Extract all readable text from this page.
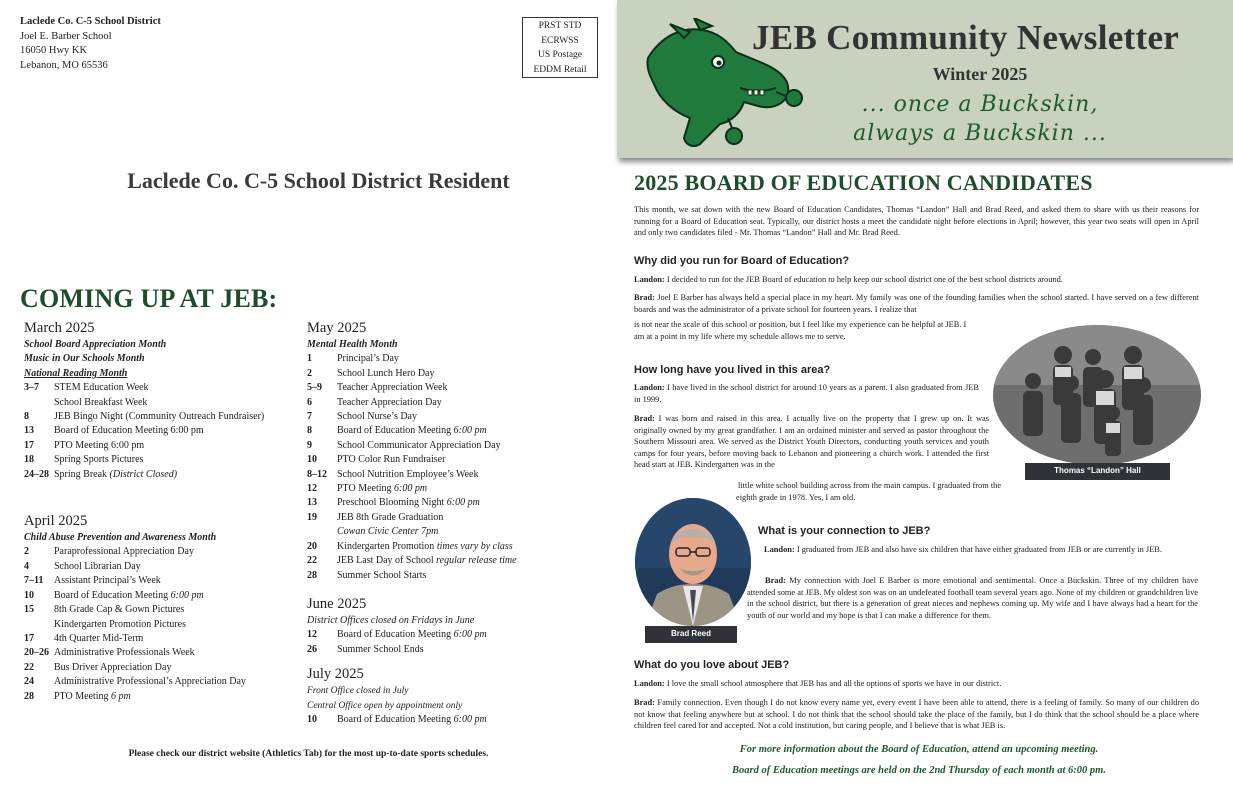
Laclede Co. C-5 School District
Joel E. Barber School
16050 Hwy KK
Lebanon, MO 65536
PRST STD
ECRWSS
US Postage
EDDM Retail
Laclede Co. C-5 School District Resident
COMING UP AT JEB:
March 2025
School Board Appreciation Month
Music in Our Schools Month
National Reading Month
3–7	STEM Education Week
School Breakfast Week
8	JEB Bingo Night (Community Outreach Fundraiser)
13	Board of Education Meeting 6:00 pm
17	PTO Meeting 6:00 pm
18	Spring Sports Pictures
24–28 Spring Break (District Closed)
April 2025
Child Abuse Prevention and Awareness Month
2	Paraprofessional Appreciation Day
4	School Librarian Day
7–11	Assistant Principal’s Week
10	Board of Education Meeting 6:00 pm
15	8th Grade Cap & Gown Pictures
Kindergarten Promotion Pictures
17	4th Quarter Mid-Term
20–26 Administrative Professionals Week
22	Bus Driver Appreciation Day
24	Administrative Professional’s Appreciation Day
28	PTO Meeting 6 pm
May 2025
Mental Health Month
1	Principal’s Day
2	School Lunch Hero Day
5–9	Teacher Appreciation Week
6	Teacher Appreciation Day
7	School Nurse’s Day
8	Board of Education Meeting 6:00 pm
9	School Communicator Appreciation Day
10	PTO Color Run Fundraiser
8–12	School Nutrition Employee’s Week
12	PTO Meeting 6:00 pm
13	Preschool Blooming Night 6:00 pm
19	JEB 8th Grade Graduation
Cowan Civic Center 7pm
20	Kindergarten Promotion times vary by class
22	JEB Last Day of School regular release time
28	Summer School Starts
June 2025
District Offices closed on Fridays in June
12	Board of Education Meeting 6:00 pm
26	Summer School Ends
July 2025
Front Office closed in July
Central Office open by appointment only
10	Board of Education Meeting 6:00 pm
Please check our district website (Athletics Tab) for the most up-to-date sports schedules.
JEB Community Newsletter
Winter 2025
... once a Buckskin,
always a Buckskin ...
2025 BOARD OF EDUCATION CANDIDATES
This month, we sat down with the new Board of Education Candidates, Thomas “Landon” Hall and Brad Reed, and asked them to share with us their reasons for running for a Board of Education seat. Typically, our district hosts a meet the candidate night before elections in April; however, this year two seats will open in April and only two candidates filed - Mr. Thomas “Landon” Hall and Mr. Brad Reed.
Why did you run for Board of Education?
Landon: I decided to run for the JEB Board of education to help keep our school district one of the best school districts around.
Brad: Joel E Barber has always held a special place in my heart. My family was one of the founding families when the school started. I have served on a few different boards and was the administrator of a private school for fourteen years. I realize that
is not near the scale of this school or position, but I feel like my experience can be helpful at JEB. I
am at a point in my life where my schedule allows me to serve.
Thomas “Landon” Hall
How long have you lived in this area?
Landon: I have lived in the school district for around 10 years as a parent. I also graduated from JEB in 1999.
Brad: I was born and raised in this area. I actually live on the property that I grew up on. It was originally owned by my great grandfather. I am an ordained minister and served as pastor throughout the Southern Missouri area. We served as the District Youth Directors, conducting youth services and youth camps for four years, before moving back to Lebanon and pioneering a church work. I attended the first head start at JEB. Kindergarten was in the
little white school building across from the main campus. I graduated from the
eighth grade in 1978. Yes, I am old.
Brad Reed
What is your connection to JEB?
Landon: I graduated from JEB and also have six children that have either graduated from JEB or are currently in JEB.
Brad: My connection with Joel E Barber is more emotional and sentimental. Once a Buckskin. Three of my children have attended some at JEB. My oldest son was on an undefeated football team several years ago. None of my children or grandchildren live in the school district, but there is a generation of great nieces and nephews coming up. My wife and I have always had a heart for the youth of our world and my hope is that I can make a difference for them.
What do you love about JEB?
Landon: I love the small school atmosphere that JEB has and all the options of sports we have in our district.
Brad: Family connection. Even though I do not know every name yet, every event I have been able to attend, there is a feeling of family. So many of our children do not know that feeling anywhere but at school. I do not think that the school should take the place of the family, but I do think that the school should be a place where children feel cared for and accepted. Not a cold institution, but caring people, and I believe that is what JEB is.
For more information about the Board of Education, attend an upcoming meeting.
Board of Education meetings are held on the 2nd Thursday of each month at 6:00 pm.
